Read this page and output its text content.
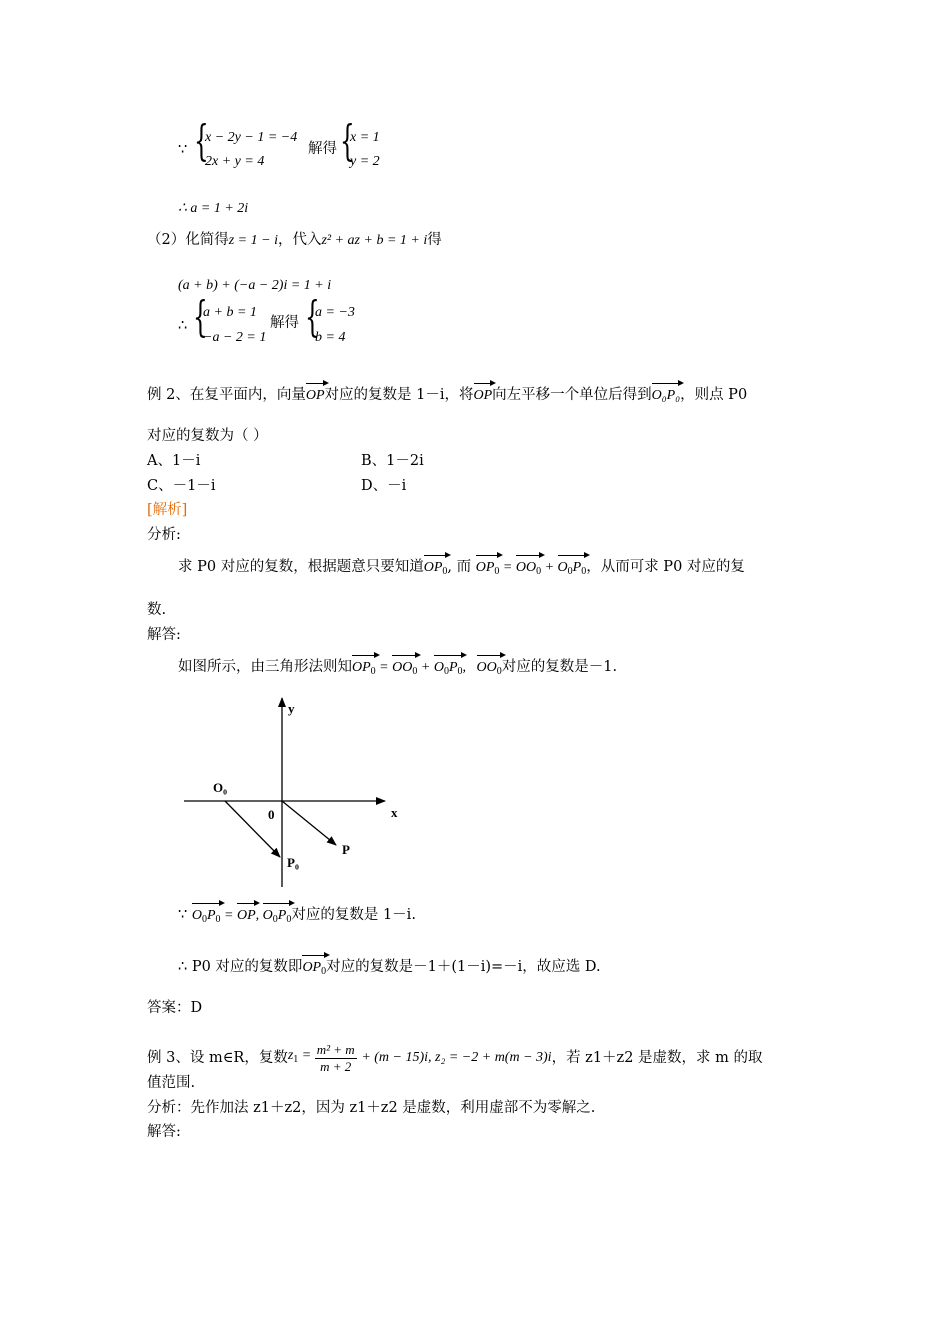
∵ {
x − 2y − 1 = −4
2x + y = 4
解得 {
x = 1
y = 2
∴ a = 1 + 2i
（2）化简得z = 1 − i，代入z² + az + b = 1 + i得
(a + b) + (−a − 2)i = 1 + i
∴ {
a + b = 1
−a − 2 = 1
解得 {
a = −3
b = 4
例 2、在复平面内，向量OP对应的复数是 1－i，将OP向左平移一个单位后得到O₀P₀，则点 P0
对应的复数为（ ）
A、1－i	B、1－2i
C、－1－i	D、－i
[解析]
分析:
求 P0 对应的复数，根据题意只要知道$OP_0$, 而 $OP_0 = OO_0 + O_0P_0$，从而可求 P0 对应的复
数.
解答:
如图所示，由三角形法则知$OP_0 = OO_0 + O_0P_0$,   $OO_0$对应的复数是－1.
y
x
O₀
0
P₀
P
∵ $O_0P_0$ = OP, $O_0P_0$对应的复数是 1－i.
∴ P0 对应的复数即$OP_0$对应的复数是－1＋(1－i)=－i，故应选 D.
答案：D
例 3、设 m∈R，复数$z_1 = \frac{\text{m² + m}}{m + 2} + (m - 15)i$, z₂ = −2 + m(m − 3)i，若 z1＋z2 是虚数，求 m 的取
值范围.
分析：先作加法 z1＋z2，因为 z1＋z2 是虚数，利用虚部不为零解之.
解答:
